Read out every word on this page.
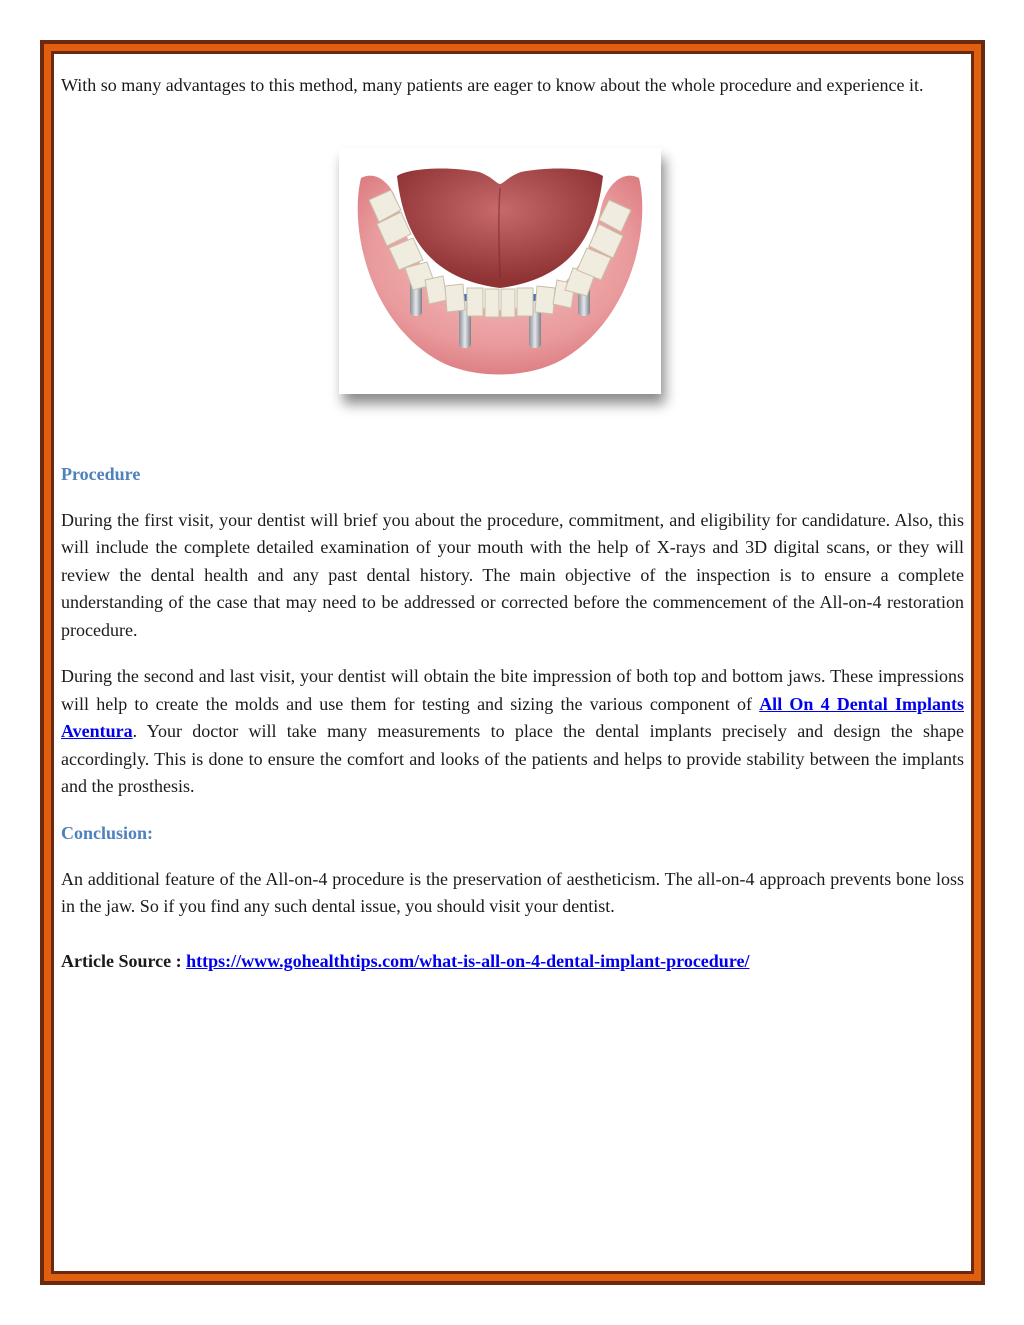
With so many advantages to this method, many patients are eager to know about the whole procedure and experience it.

Procedure

During the first visit, your dentist will brief you about the procedure, commitment, and eligibility for candidature. Also, this will include the complete detailed examination of your mouth with the help of X-rays and 3D digital scans, or they will review the dental health and any past dental history. The main objective of the inspection is to ensure a complete understanding of the case that may need to be addressed or corrected before the commencement of the All-on-4 restoration procedure.

During the second and last visit, your dentist will obtain the bite impression of both top and bottom jaws. These impressions will help to create the molds and use them for testing and sizing the various component of All On 4 Dental Implants Aventura. Your doctor will take many measurements to place the dental implants precisely and design the shape accordingly. This is done to ensure the comfort and looks of the patients and helps to provide stability between the implants and the prosthesis.

Conclusion:

An additional feature of the All-on-4 procedure is the preservation of aestheticism. The all-on-4 approach prevents bone loss in the jaw. So if you find any such dental issue, you should visit your dentist.

Article Source : https://www.gohealthtips.com/what-is-all-on-4-dental-implant-procedure/
